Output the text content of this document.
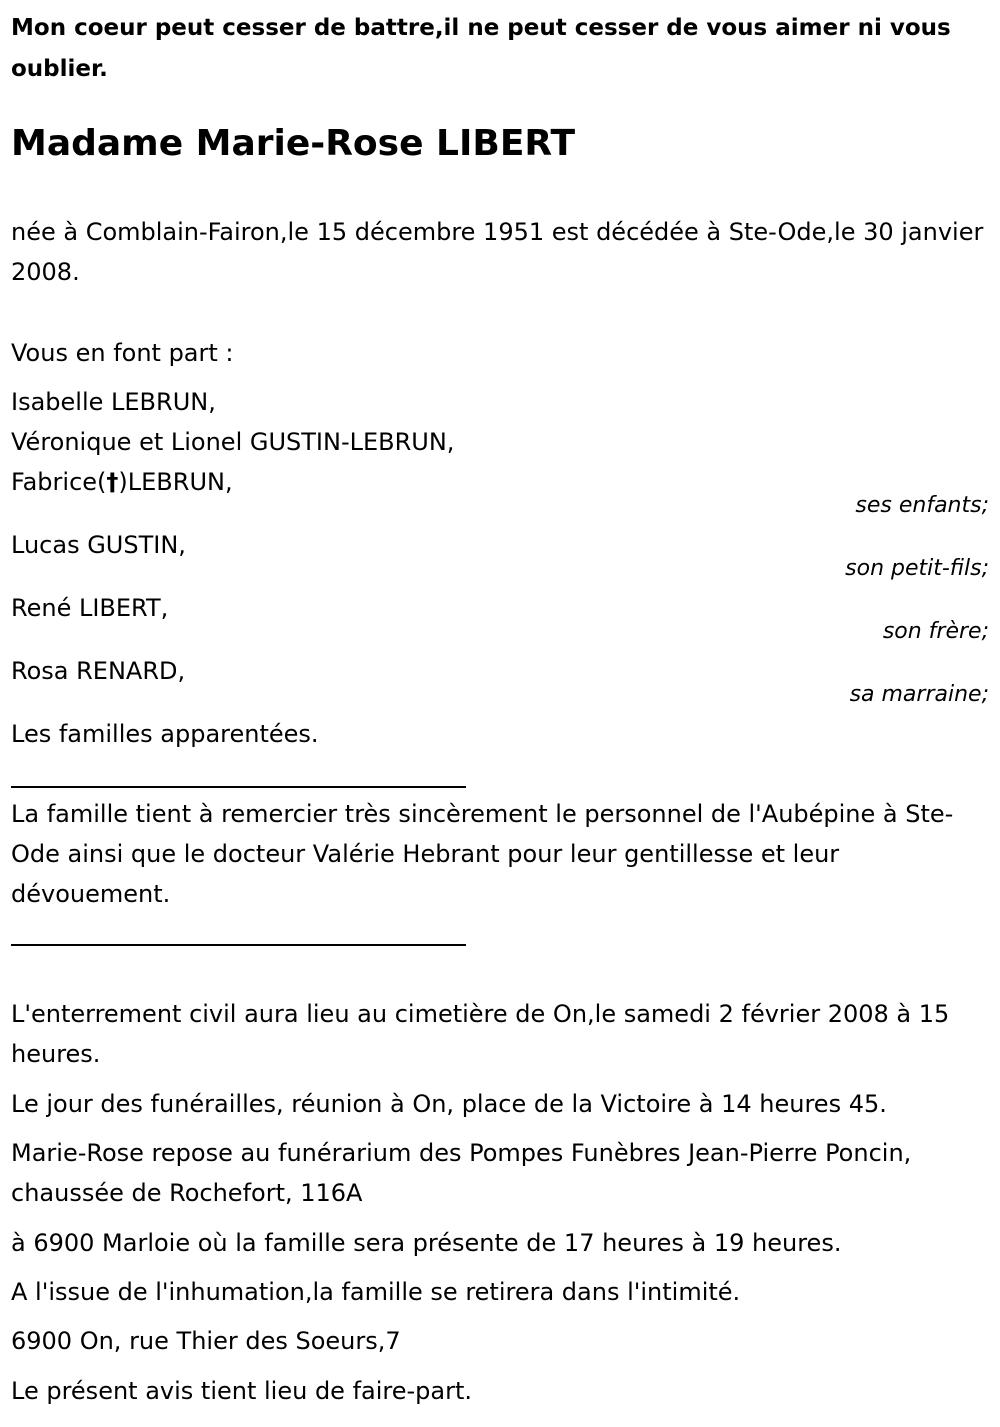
Mon coeur peut cesser de battre,il ne peut cesser de vous aimer ni vous oublier.
Madame Marie-Rose LIBERT
née à Comblain-Fairon,le 15 décembre 1951 est décédée à Ste-Ode,le 30 janvier 2008.
Vous en font part :
Isabelle LEBRUN,
Véronique et Lionel GUSTIN-LEBRUN,
Fabrice(†)LEBRUN,
ses enfants;
Lucas GUSTIN,
son petit-fils;
René LIBERT,
son frère;
Rosa RENARD,
sa marraine;
Les familles apparentées.
La famille tient à remercier très sincèrement le personnel de l'Aubépine à Ste-Ode ainsi que le docteur Valérie Hebrant pour leur gentillesse et leur dévouement.
L'enterrement civil aura lieu au cimetière de On,le samedi 2 février 2008 à 15 heures.
Le jour des funérailles, réunion à On, place de la Victoire à 14 heures 45.
Marie-Rose repose au funérarium des Pompes Funèbres Jean-Pierre Poncin, chaussée de Rochefort, 116A
à 6900 Marloie où la famille sera présente de 17 heures à 19 heures.
A l'issue de l'inhumation,la famille se retirera dans l'intimité.
6900 On, rue Thier des Soeurs,7
Le présent avis tient lieu de faire-part.
